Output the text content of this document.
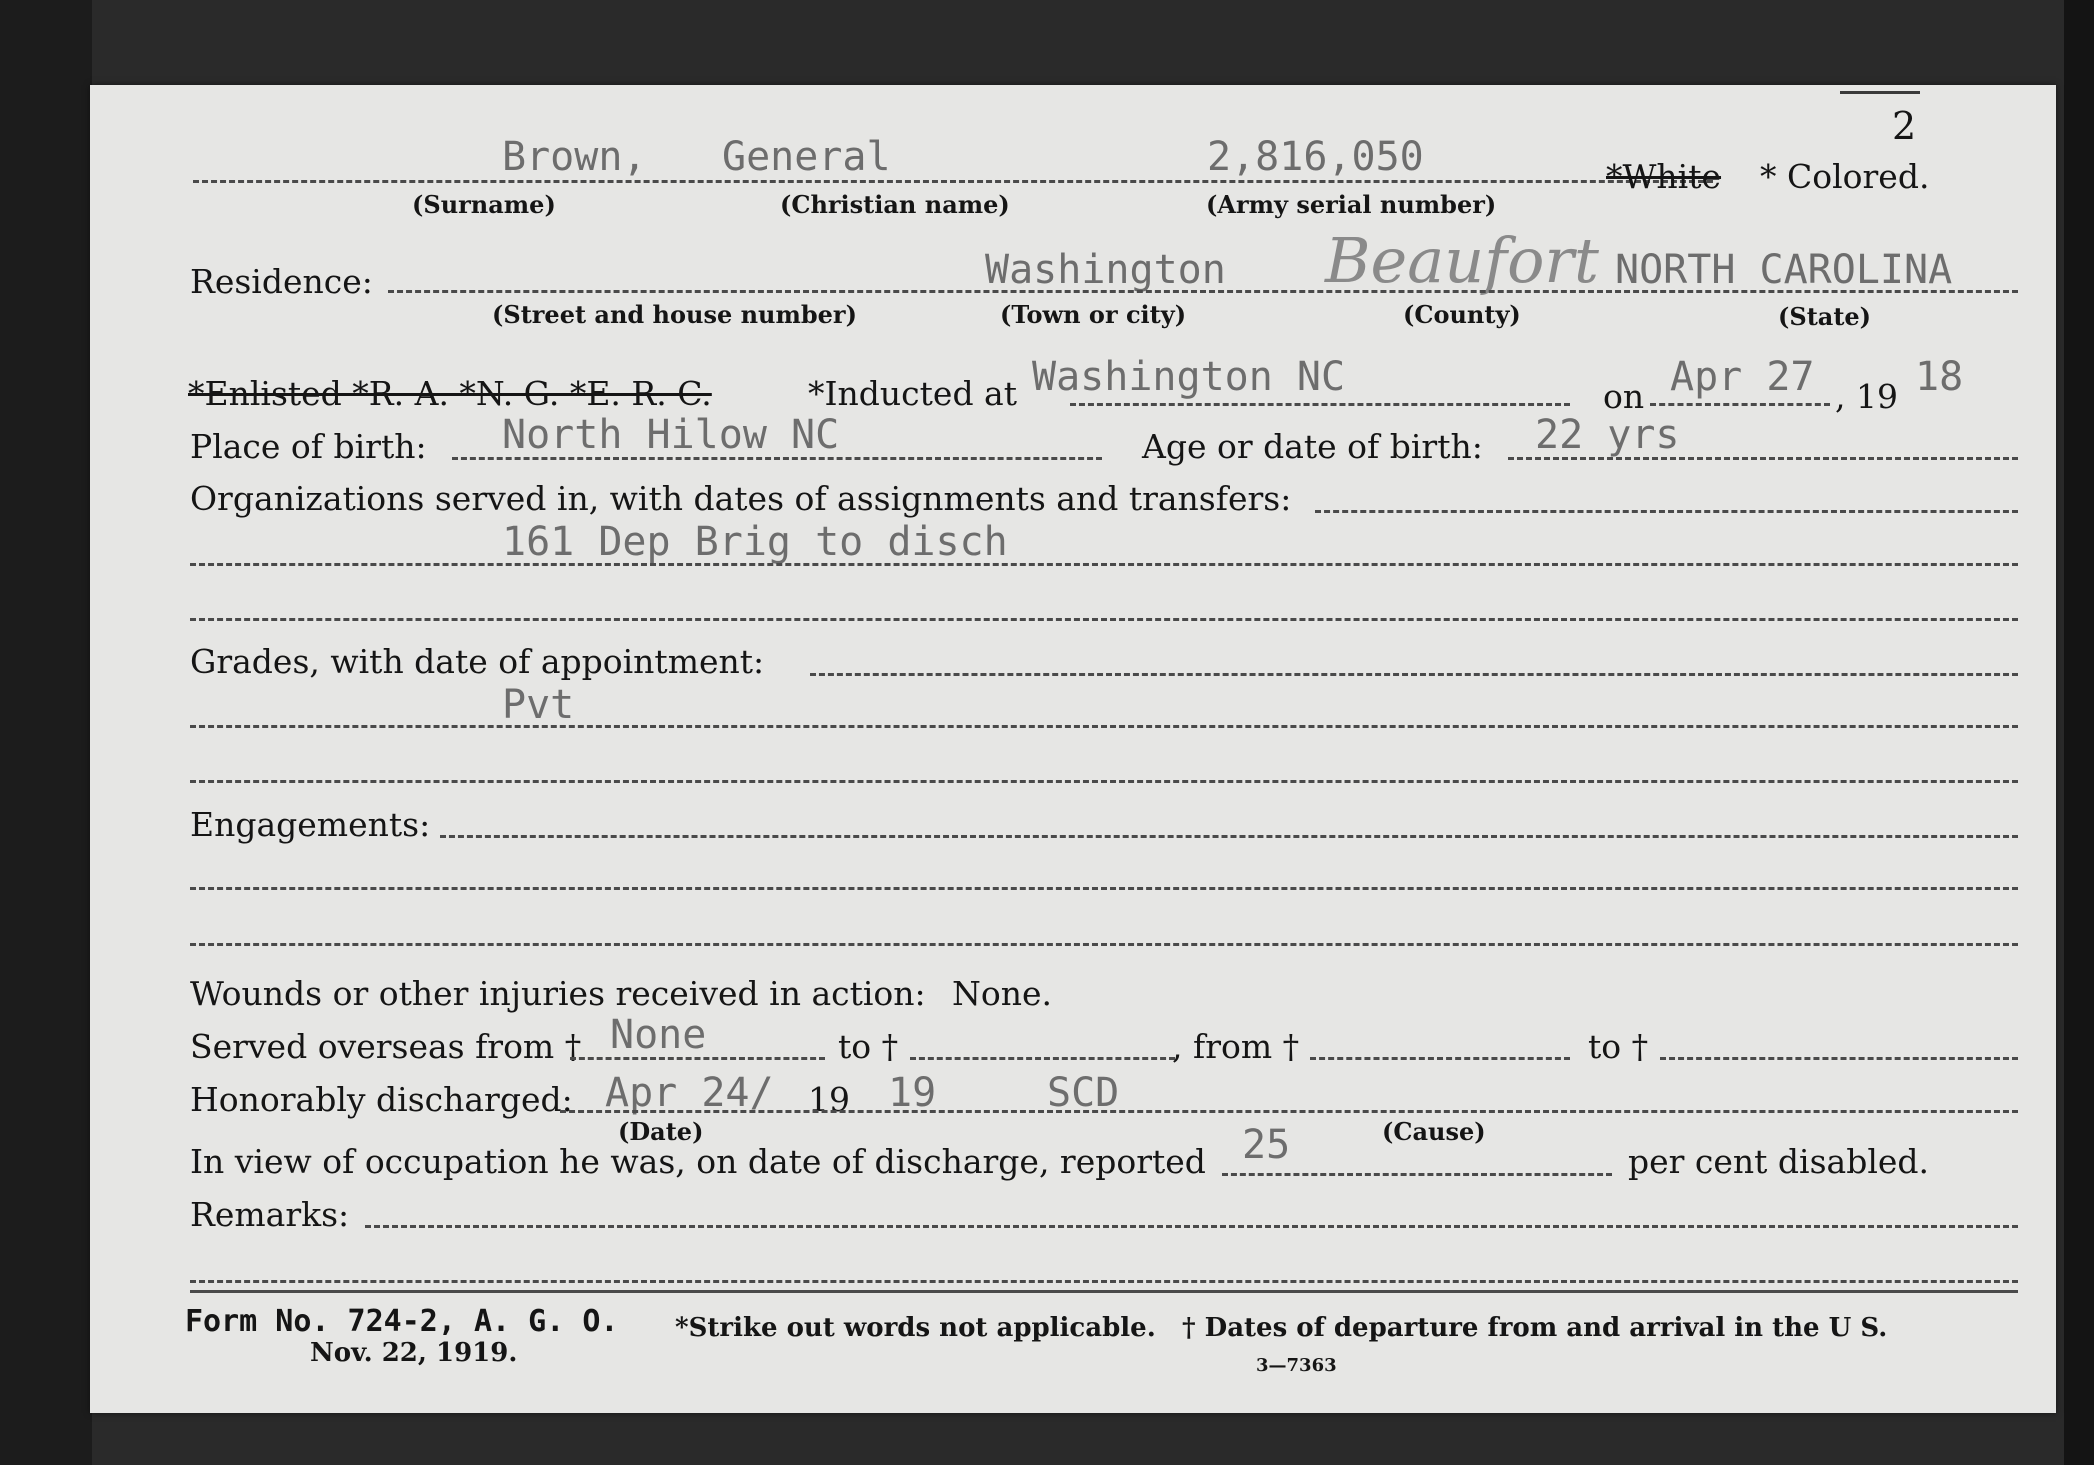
2
Brown, General	2,816,050	*White * Colored.
(Surname)	(Christian name)	(Army serial number)
Residence:	Washington Beaufort NORTH CAROLINA
(Street and house number)	(Town or city)	(County)	(State)
*Enlisted *R. A. *N. G. *E. R. C.	*Inducted at Washington NC	on Apr 27 , 19 18
Place of birth: North Hilow NC	Age or date of birth: 22 yrs
Organizations served in, with dates of assignments and transfers:
161 Dep Brig to disch
Grades, with date of appointment:
Pvt
Engagements:
Wounds or other injuries received in action: None.
Served overseas from † None	to †	, from †	to †
Honorably discharged: Apr 24/ 19 19	SCD
(Date)	(Cause)
In view of occupation he was, on date of discharge, reported 25	per cent disabled.
Remarks:
Form No. 724-2, A. G. O.
Nov. 22, 1919.
*Strike out words not applicable. † Dates of departure from and arrival in the U S.
3—7363
